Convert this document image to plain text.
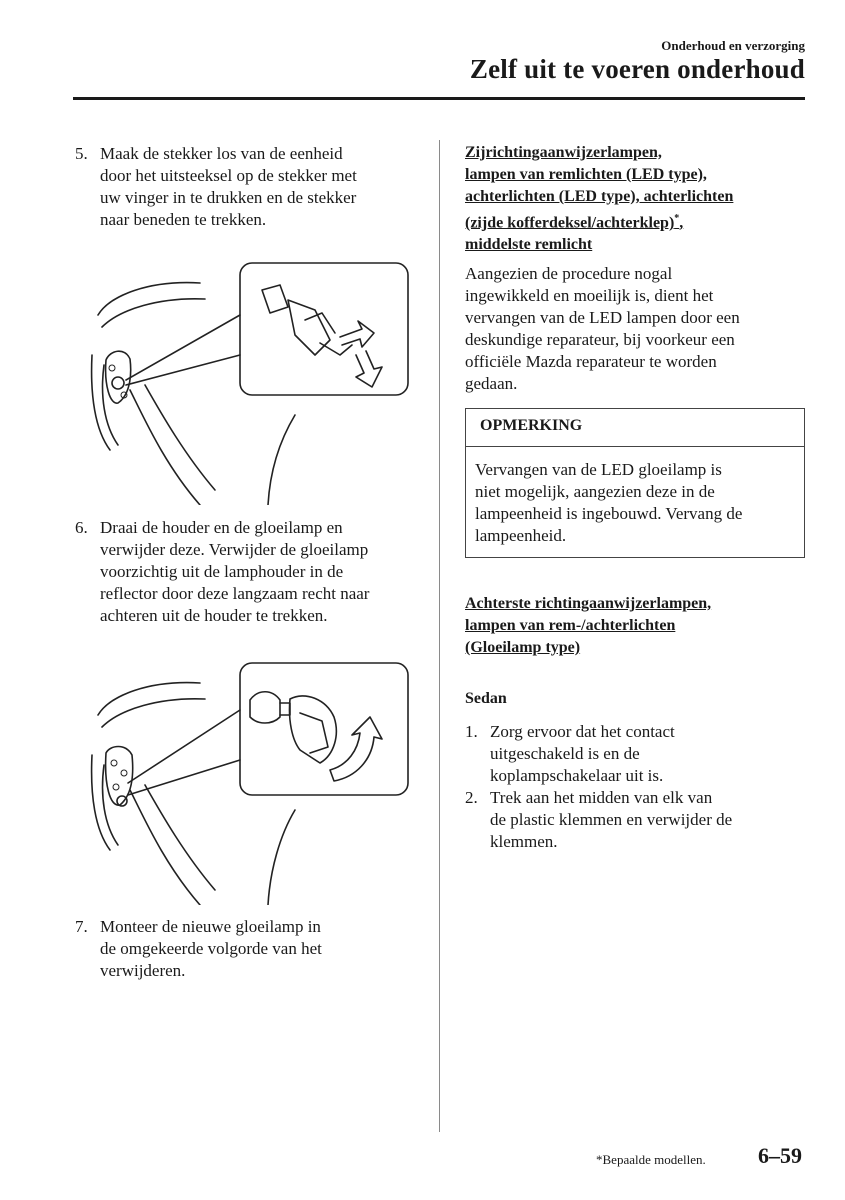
Onderhoud en verzorging
Zelf uit te voeren onderhoud
5. Maak de stekker los van de eenheid
door het uitsteeksel op de stekker met
uw vinger in te drukken en de stekker
naar beneden te trekken.
6. Draai de houder en de gloeilamp en
verwijder deze. Verwijder de gloeilamp
voorzichtig uit de lamphouder in de
reflector door deze langzaam recht naar
achteren uit de houder te trekken.
7. Monteer de nieuwe gloeilamp in
de omgekeerde volgorde van het
verwijderen.
Zijrichtingaanwijzerlampen,
lampen van remlichten (LED type),
achterlichten (LED type), achterlichten
(zijde kofferdeksel/achterklep)*,
middelste remlicht
Aangezien de procedure nogal
ingewikkeld en moeilijk is, dient het
vervangen van de LED lampen door een
deskundige reparateur, bij voorkeur een
officiële Mazda reparateur te worden
gedaan.
OPMERKING
Vervangen van de LED gloeilamp is
niet mogelijk, aangezien deze in de
lampeenheid is ingebouwd. Vervang de
lampeenheid.
Achterste richtingaanwijzerlampen,
lampen van rem-/achterlichten
(Gloeilamp type)
Sedan
1. Zorg ervoor dat het contact
uitgeschakeld is en de
koplampschakelaar uit is.
2. Trek aan het midden van elk van
de plastic klemmen en verwijder de
klemmen.
*Bepaalde modellen. 6–59
